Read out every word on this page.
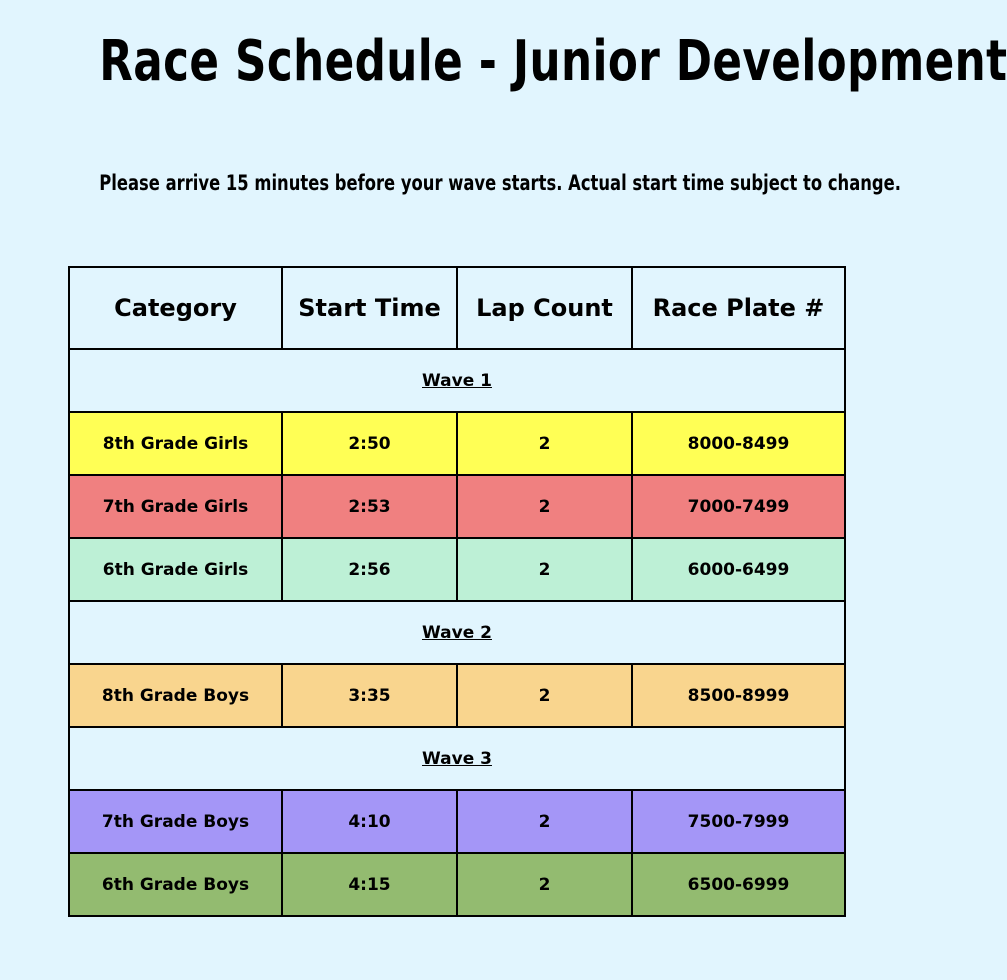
Race Schedule - Junior Development
Please arrive 15 minutes before your wave starts. Actual start time subject to change.
Category	Start Time	Lap Count	Race Plate #
Wave 1			
8th Grade Girls	2:50	2	8000-8499
7th Grade Girls	2:53	2	7000-7499
6th Grade Girls	2:56	2	6000-6499
Wave 2			
8th Grade Boys	3:35	2	8500-8999
Wave 3			
7th Grade Boys	4:10	2	7500-7999
6th Grade Boys	4:15	2	6500-6999
